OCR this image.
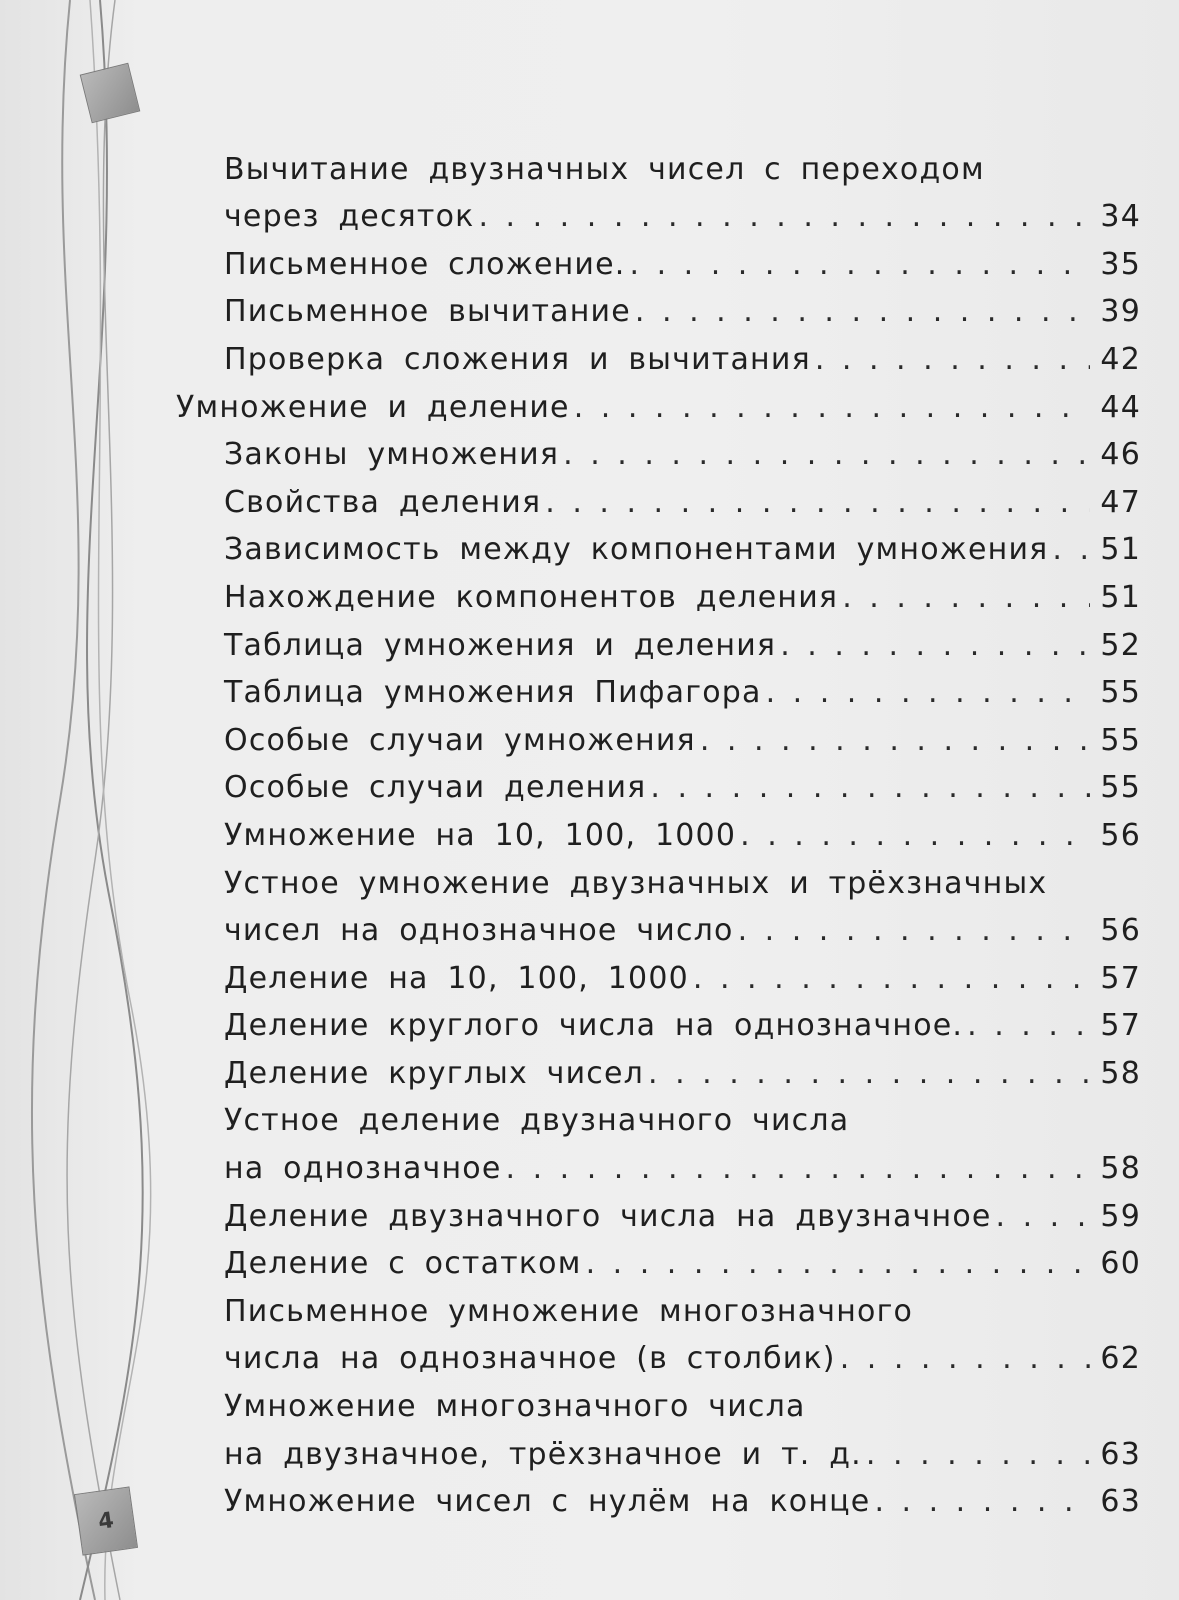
4
Вычитание двузначных чисел с переходом
через десяток . . .	34
Письменное сложение. . . .	35
Письменное вычитание . . .	39
Проверка сложения и вычитания . . .	42
Умножение и деление . . .	44
Законы умножения . . .	46
Свойства деления . . .	47
Зависимость между компонентами умножения . . . 51
Нахождение компонентов деления . . .	51
Таблица умножения и деления . . .	52
Таблица умножения Пифагора . . .	55
Особые случаи умножения . . .	55
Особые случаи деления . . .	55
Умножение на 10, 100, 1000 . . .	56
Устное умножение двузначных и трёхзначных
чисел на однозначное число . . .	56
Деление на 10, 100, 1000 . . .	57
Деление круглого числа на однозначное. . . .	57
Деление круглых чисел . . .	58
Устное деление двузначного числа
на однозначное . . .	58
Деление двузначного числа на двузначное . . .	59
Деление с остатком . . .	60
Письменное умножение многозначного
числа на однозначное (в столбик) . . .	62
Умножение многозначного числа
на двузначное, трёхзначное и т. д. . . .	63
Умножение чисел с нулём на конце . . .	63
